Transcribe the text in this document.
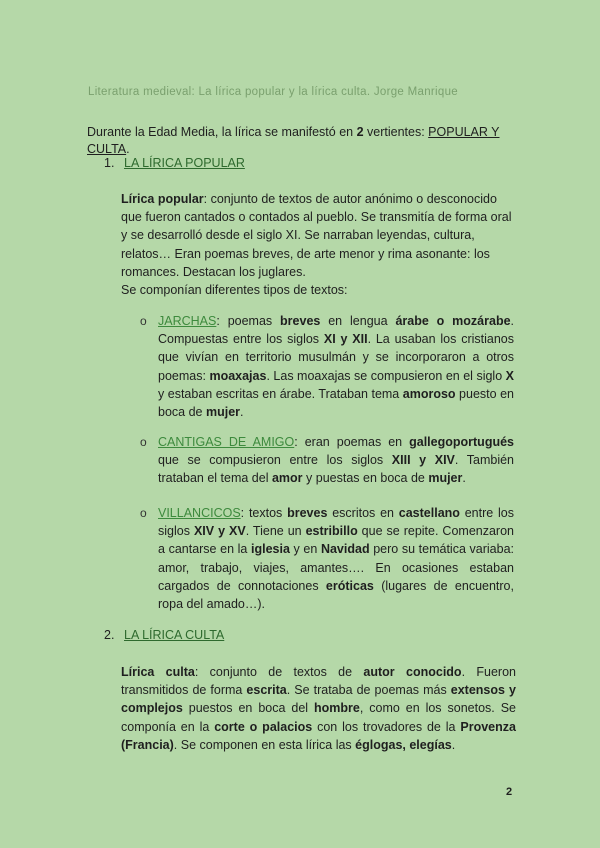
Literatura medieval: La lírica popular y la lírica culta. Jorge Manrique
Durante la Edad Media, la lírica se manifestó en 2 vertientes: POPULAR Y CULTA.
1. LA LÍRICA POPULAR

Lírica popular: conjunto de textos de autor anónimo o desconocido que fueron cantados o contados al pueblo. Se transmitía de forma oral y se desarrolló desde el siglo XI. Se narraban leyendas, cultura, relatos… Eran poemas breves, de arte menor y rima asonante: los romances. Destacan los juglares.

Se componían diferentes tipos de textos:

o JARCHAS: poemas breves en lengua árabe o mozárabe. Compuestas entre los siglos XI y XII. La usaban los cristianos que vivían en territorio musulmán y se incorporaron a otros poemas: moaxajas. Las moaxajas se compusieron en el siglo X y estaban escritas en árabe. Trataban tema amoroso puesto en boca de mujer.
o CANTIGAS DE AMIGO: eran poemas en gallegoportugués que se compusieron entre los siglos XIII y XIV. También trataban el tema del amor y puestas en boca de mujer.
o VILLANCICOS: textos breves escritos en castellano entre los siglos XIV y XV. Tiene un estribillo que se repite. Comenzaron a cantarse en la iglesia y en Navidad pero su temática variaba: amor, trabajo, viajes, amantes…. En ocasiones estaban cargados de connotaciones eróticas (lugares de encuentro, ropa del amado…).
2. LA LÍRICA CULTA
Lírica culta: conjunto de textos de autor conocido. Fueron transmitidos de forma escrita. Se trataba de poemas más extensos y complejos puestos en boca del hombre, como en los sonetos. Se componía en la corte o palacios con los trovadores de la Provenza (Francia). Se componen en esta lírica las églogas, elegías.
2
